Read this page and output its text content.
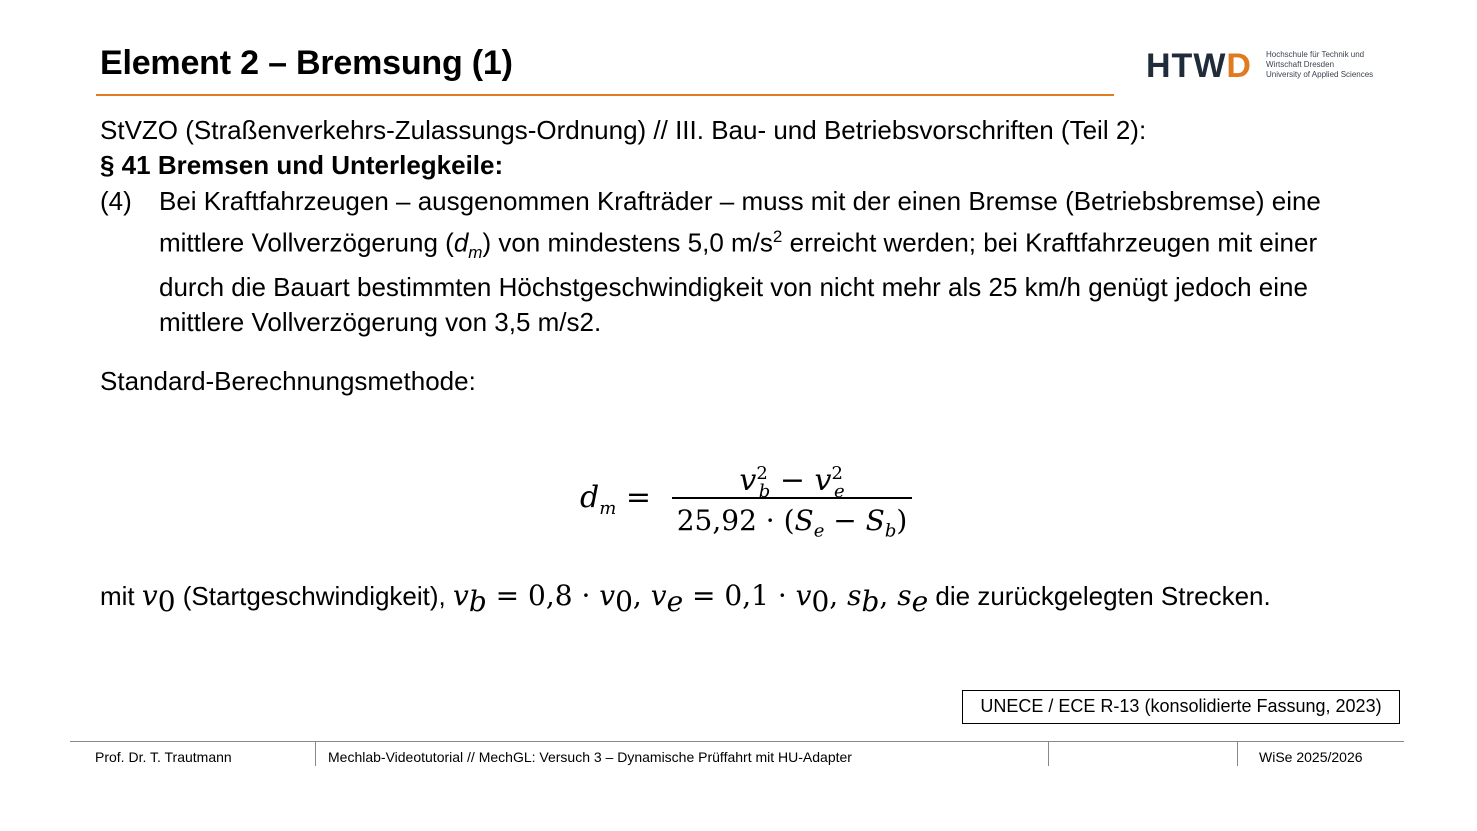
Element 2 – Bremsung (1)	HTWD Hochschule für Technik und
Wirtschaft Dresden
University of Applied Sciences
StVZO (Straßenverkehrs-Zulassungs-Ordnung) // III. Bau- und Betriebsvorschriften (Teil 2):
§ 41 Bremsen und Unterlegkeile:
(4) Bei Kraftfahrzeugen – ausgenommen Krafträder – muss mit der einen Bremse (Betriebsbremse) eine mittlere Vollverzögerung $(d_m)$ von mindestens 5,0 $m/s^2$ erreicht werden; bei Kraftfahrzeugen mit einer durch die Bauart bestimmten Höchstgeschwindigkeit von nicht mehr als 25 km/h genügt jedoch eine mittlere Vollverzögerung von 3,5 m/s2.
Standard-Berechnungsmethode:
$d_m$ =	$v^2_b - v^2_e$
$25,92 \cdot (S_e - S_b)$
mit $v_0$ (Startgeschwindigkeit), $v_b = 0,8 \cdot v_0$, $v_e = 0,1 \cdot v_0$, $s_b$, $s_e$ die zurückgelegten Strecken.
UNECE / ECE R-13 (konsolidierte Fassung, 2023)
Prof. Dr. T. Trautmann	Mechlab-Videotutorial // MechGL: Versuch 3 – Dynamische Prüffahrt mit HU-Adapter	WiSe 2025/2026
